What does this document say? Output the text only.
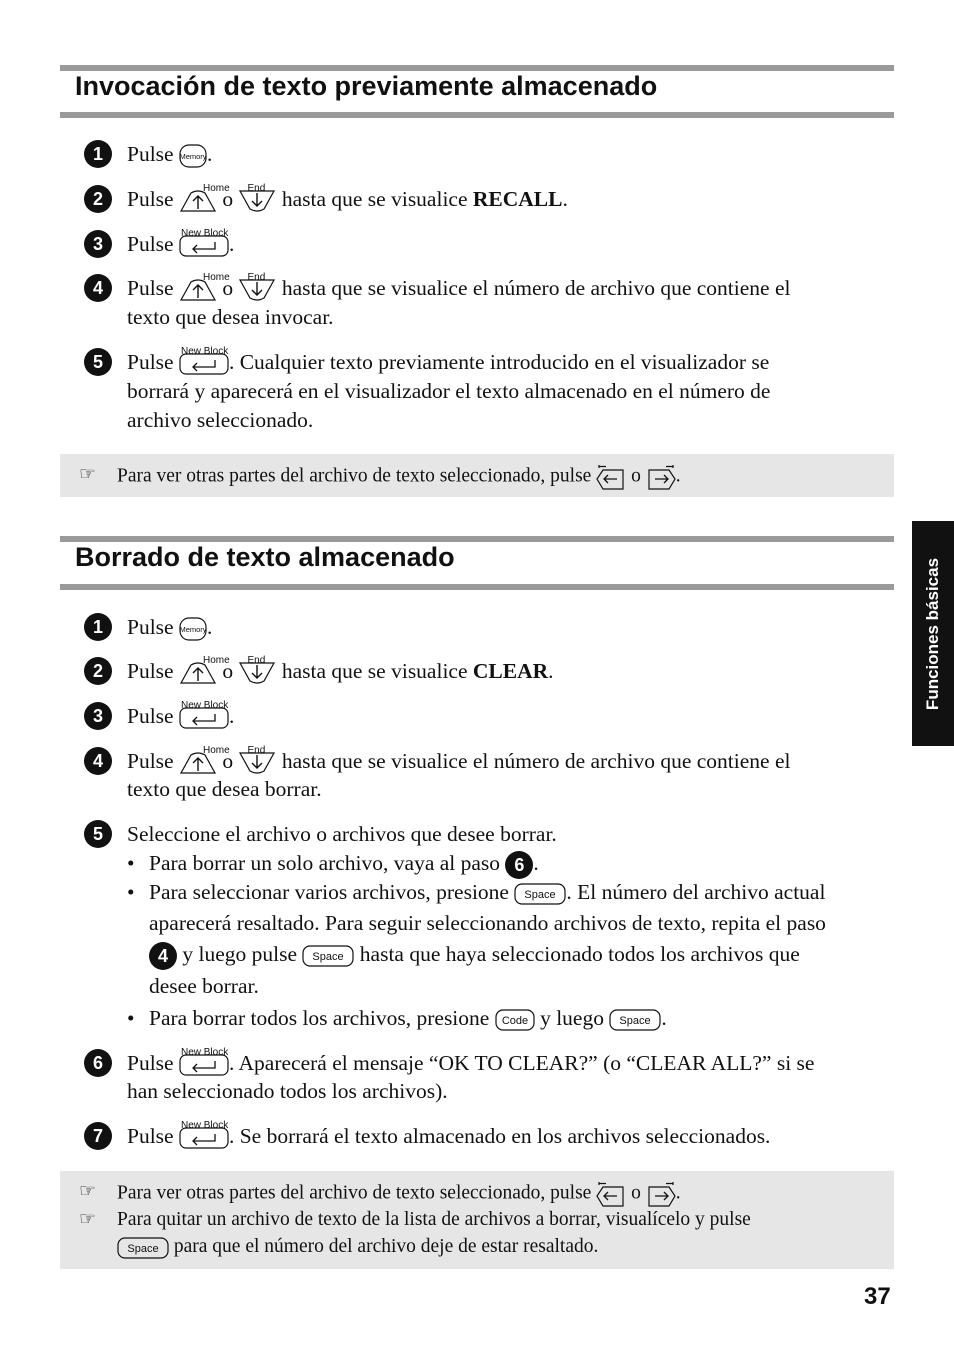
Invocación de texto previamente almacenado
1	Pulse Memory .
2	Pulse	Home
o End hasta que se visualice RECALL.
3	Pulse New Block .
4	Pulse	Home
o End hasta que se visualice el número de archivo que contiene el
texto que desea invocar.
5	Pulse New Block . Cualquier texto previamente introducido en el visualizador se
borrará y aparecerá en el visualizador el texto almacenado en el número de
archivo seleccionado.
☞ Para ver otras partes del archivo de texto seleccionado, pulse o .
Borrado de texto almacenado
1	Pulse Memory .
2	Pulse	Home
o End hasta que se visualice CLEAR.
3	Pulse New Block .
4	Pulse	Home
o End hasta que se visualice el número de archivo que contiene el
texto que desea borrar.
5	Seleccione el archivo o archivos que desee borrar.
• Para borrar un solo archivo, vaya al paso 6 .
• Para seleccionar varios archivos, presione Space . El número del archivo actual
aparecerá resaltado. Para seguir seleccionando archivos de texto, repita el paso
4 y luego pulse Space hasta que haya seleccionado todos los archivos que
desee borrar.
• Para borrar todos los archivos, presione Code y luego Space .
6	Pulse New Block . Aparecerá el mensaje “OK TO CLEAR?” (o “CLEAR ALL?” si se
han seleccionado todos los archivos).
7	Pulse New Block . Se borrará el texto almacenado en los archivos seleccionados.
☞ Para ver otras partes del archivo de texto seleccionado, pulse o .
☞ Para quitar un archivo de texto de la lista de archivos a borrar, visualícelo y pulse
Space para que el número del archivo deje de estar resaltado.
Funciones básicas
37
